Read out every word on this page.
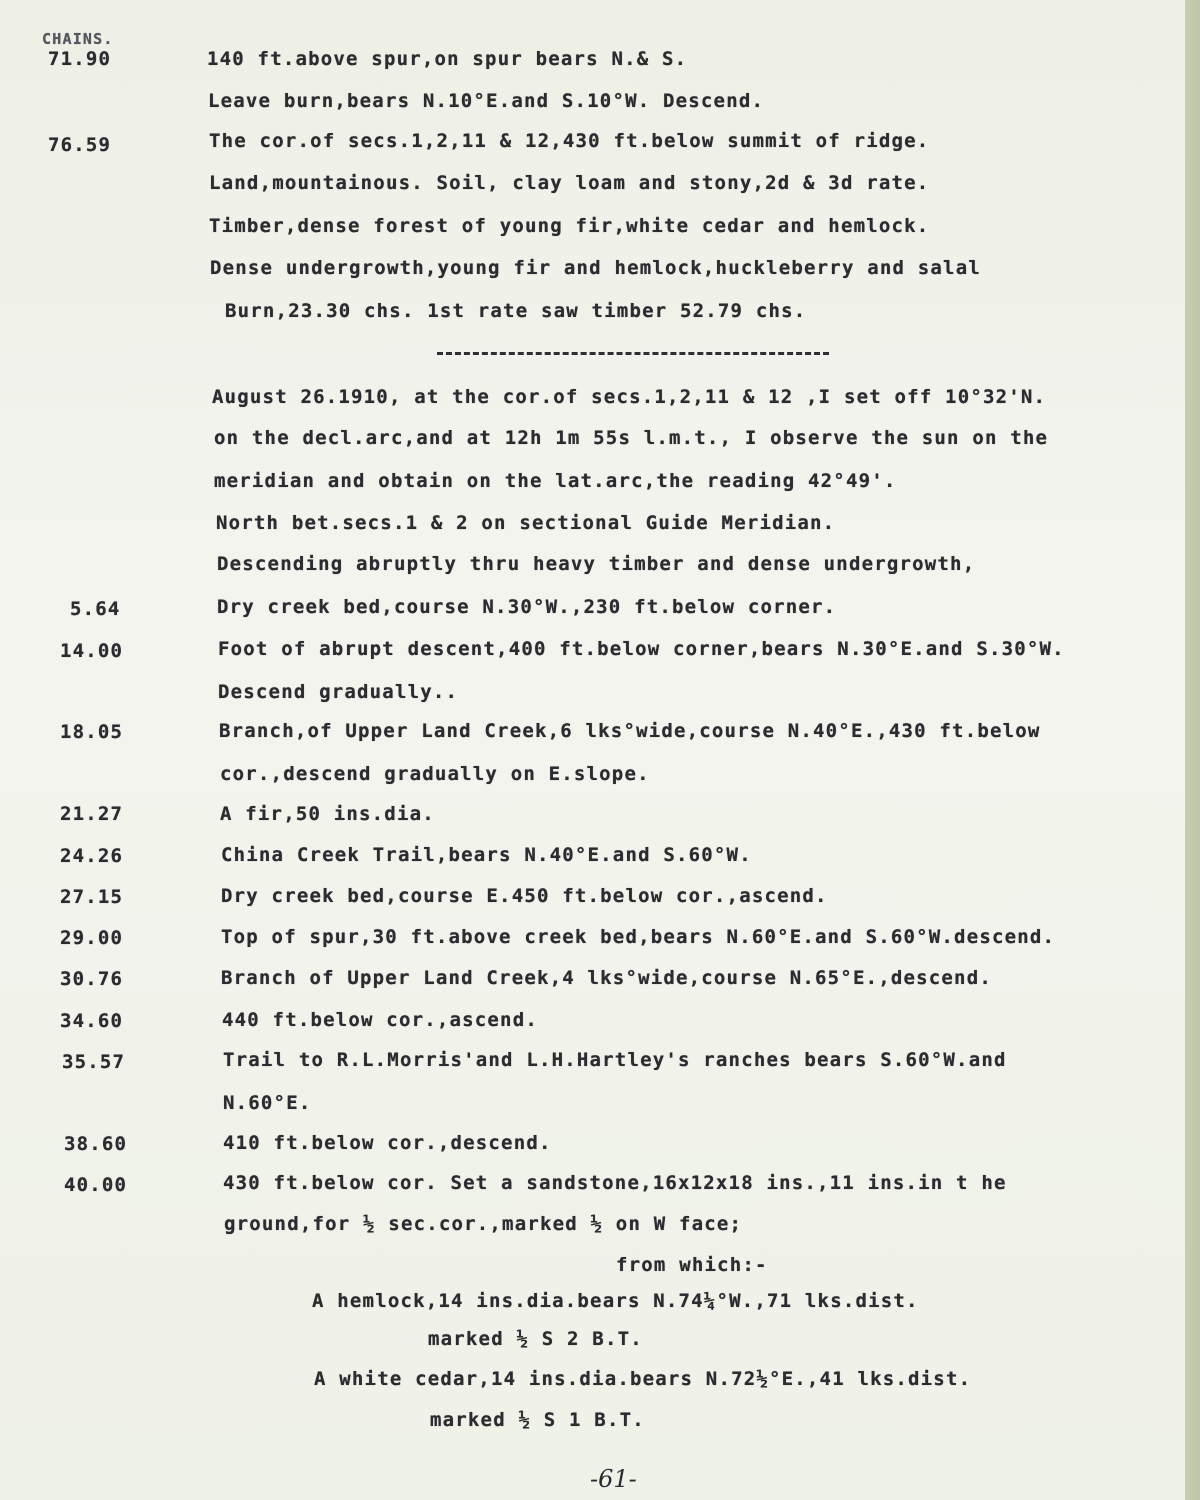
CHAINS.
71.90
76.59
5.64
14.00
18.05
21.27
24.26
27.15
29.00
30.76
34.60
35.57
38.60
40.00
140 ft.above spur,on spur bears N.& S.
Leave burn,bears N.10°E.and S.10°W. Descend.
The cor.of secs.1,2,11 & 12,430 ft.below summit of ridge.
Land,mountainous. Soil, clay loam and stony,2d & 3d rate.
Timber,dense forest of young fir,white cedar and hemlock.
Dense undergrowth,young fir and hemlock,huckleberry and salal
Burn,23.30 chs. 1st rate saw timber 52.79 chs.
August 26.1910, at the cor.of secs.1,2,11 & 12 ,I set off 10°32'N.
on the decl.arc,and at 12h 1m 55s l.m.t., I observe the sun on the
meridian and obtain on the lat.arc,the reading 42°49'.
North bet.secs.1 & 2 on sectional Guide Meridian.
Descending abruptly thru heavy timber and dense undergrowth,
Dry creek bed,course N.30°W.,230 ft.below corner.
Foot of abrupt descent,400 ft.below corner,bears N.30°E.and S.30°W.
Descend gradually..
Branch,of Upper Land Creek,6 lks°wide,course N.40°E.,430 ft.below
cor.,descend gradually on E.slope.
A fir,50 ins.dia.
China Creek Trail,bears N.40°E.and S.60°W.
Dry creek bed,course E.450 ft.below cor.,ascend.
Top of spur,30 ft.above creek bed,bears N.60°E.and S.60°W.descend.
Branch of Upper Land Creek,4 lks°wide,course N.65°E.,descend.
440 ft.below cor.,ascend.
Trail to R.L.Morris'and L.H.Hartley's ranches bears S.60°W.and
N.60°E.
410 ft.below cor.,descend.
430 ft.below cor. Set a sandstone,16x12x18 ins.,11 ins.in t he
ground,for ½ sec.cor.,marked ½ on W face;
from which:-
A hemlock,14 ins.dia.bears N.74¼°W.,71 lks.dist.
marked ½ S 2 B.T.
A white cedar,14 ins.dia.bears N.72½°E.,41 lks.dist.
marked ½ S 1 B.T.
-61-
